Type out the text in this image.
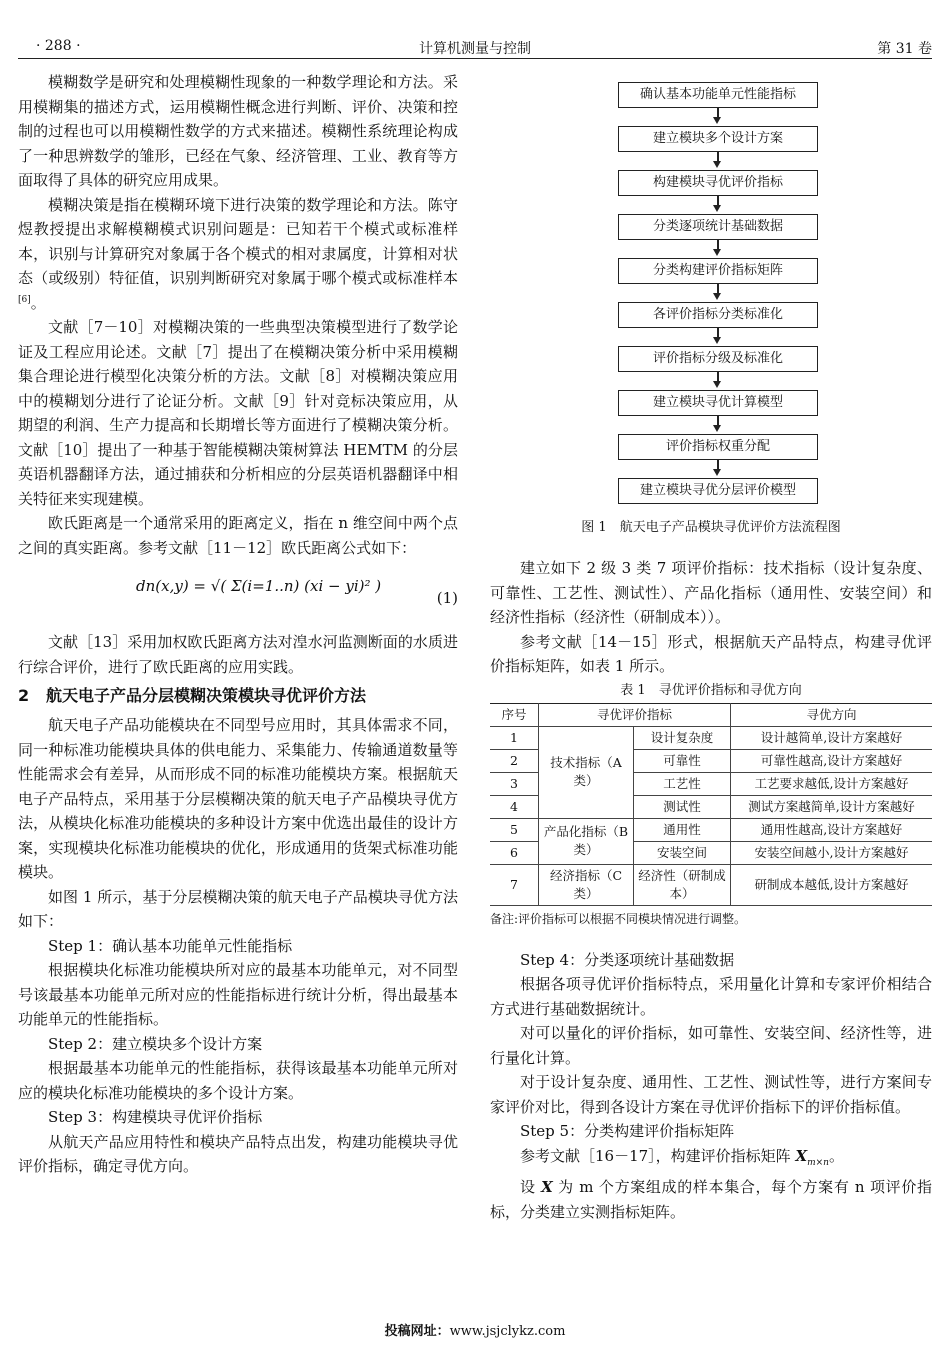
· 288 ·	计算机测量与控制	第 31 卷

模糊数学是研究和处理模糊性现象的一种数学理论和方法。采用模糊集的描述方式，运用模糊性概念进行判断、评价、决策和控制的过程也可以用模糊性数学的方式来描述。模糊性系统理论构成了一种思辨数学的雏形，已经在气象、经济管理、工业、教育等方面取得了具体的研究应用成果。

模糊决策是指在模糊环境下进行决策的数学理论和方法。陈守煜教授提出求解模糊模式识别问题是：已知若干个模式或标准样本，识别与计算研究对象属于各个模式的相对隶属度，计算相对状态（或级别）特征值，识别判断研究对象属于哪个模式或标准样本[6]。

文献［7－10］对模糊决策的一些典型决策模型进行了数学论证及工程应用论述。文献［7］提出了在模糊决策分析中采用模糊集合理论进行模型化决策分析的方法。文献［8］对模糊决策应用中的模糊划分进行了论证分析。文献［9］针对竞标决策应用，从期望的利润、生产力提高和长期增长等方面进行了模糊决策分析。文献［10］提出了一种基于智能模糊决策树算法 HEMTM 的分层英语机器翻译方法，通过捕获和分析相应的分层英语机器翻译中相关特征来实现建模。

欧氏距离是一个通常采用的距离定义，指在 n 维空间中两个点之间的真实距离。参考文献［11－12］欧氏距离公式如下：

dn(x,y) = √( Σ(i=1..n) (xi − yi)² )
(1)

文献［13］采用加权欧氏距离方法对湟水河监测断面的水质进行综合评价，进行了欧氏距离的应用实践。

2 航天电子产品分层模糊决策模块寻优评价方法

航天电子产品功能模块在不同型号应用时，其具体需求不同，同一种标准功能模块具体的供电能力、采集能力、传输通道数量等性能需求会有差异，从而形成不同的标准功能模块方案。根据航天电子产品特点，采用基于分层模糊决策的航天电子产品模块寻优方法，从模块化标准功能模块的多种设计方案中优选出最佳的设计方案，实现模块化标准功能模块的优化，形成通用的货架式标准功能模块。

如图 1 所示，基于分层模糊决策的航天电子产品模块寻优方法如下：

Step 1：确认基本功能单元性能指标

根据模块化标准功能模块所对应的最基本功能单元，对不同型号该最基本功能单元所对应的性能指标进行统计分析，得出最基本功能单元的性能指标。

Step 2：建立模块多个设计方案

根据最基本功能单元的性能指标，获得该最基本功能单元所对应的模块化标准功能模块的多个设计方案。

Step 3：构建模块寻优评价指标

从航天产品应用特性和模块产品特点出发，构建功能模块寻优评价指标，确定寻优方向。

确认基本功能单元性能指标
建立模块多个设计方案
构建模块寻优评价指标
分类逐项统计基础数据
分类构建评价指标矩阵
各评价指标分类标准化
评价指标分级及标准化
建立模块寻优计算模型
评价指标权重分配
建立模块寻优分层评价模型
图 1　航天电子产品模块寻优评价方法流程图

建立如下 2 级 3 类 7 项评价指标：技术指标（设计复杂度、可靠性、工艺性、测试性）、产品化指标（通用性、安装空间）和经济性指标（经济性（研制成本））。

参考文献［14－15］形式，根据航天产品特点，构建寻优评价指标矩阵，如表 1 所示。

表 1　寻优评价指标和寻优方向
序号	寻优评价指标		寻优方向
1	技术指标（A 类）	设计复杂度	设计越简单,设计方案越好
2		可靠性	可靠性越高,设计方案越好
3		工艺性	工艺要求越低,设计方案越好
4		测试性	测试方案越简单,设计方案越好
5	产品化指标（B 类）	通用性	通用性越高,设计方案越好
6		安装空间	安装空间越小,设计方案越好
7	经济指标（C 类）	经济性（研制成本）	研制成本越低,设计方案越好
备注:评价指标可以根据不同模块情况进行调整。

Step 4：分类逐项统计基础数据

根据各项寻优评价指标特点，采用量化计算和专家评价相结合方式进行基础数据统计。

对可以量化的评价指标，如可靠性、安装空间、经济性等，进行量化计算。

对于设计复杂度、通用性、工艺性、测试性等，进行方案间专家评价对比，得到各设计方案在寻优评价指标下的评价指标值。

Step 5：分类构建评价指标矩阵

参考文献［16－17］，构建评价指标矩阵 $X_{m\times n}$。

设 X 为 m 个方案组成的样本集合，每个方案有 n 项评价指标，分类建立实测指标矩阵。

投稿网址：www.jsjclykz.com
